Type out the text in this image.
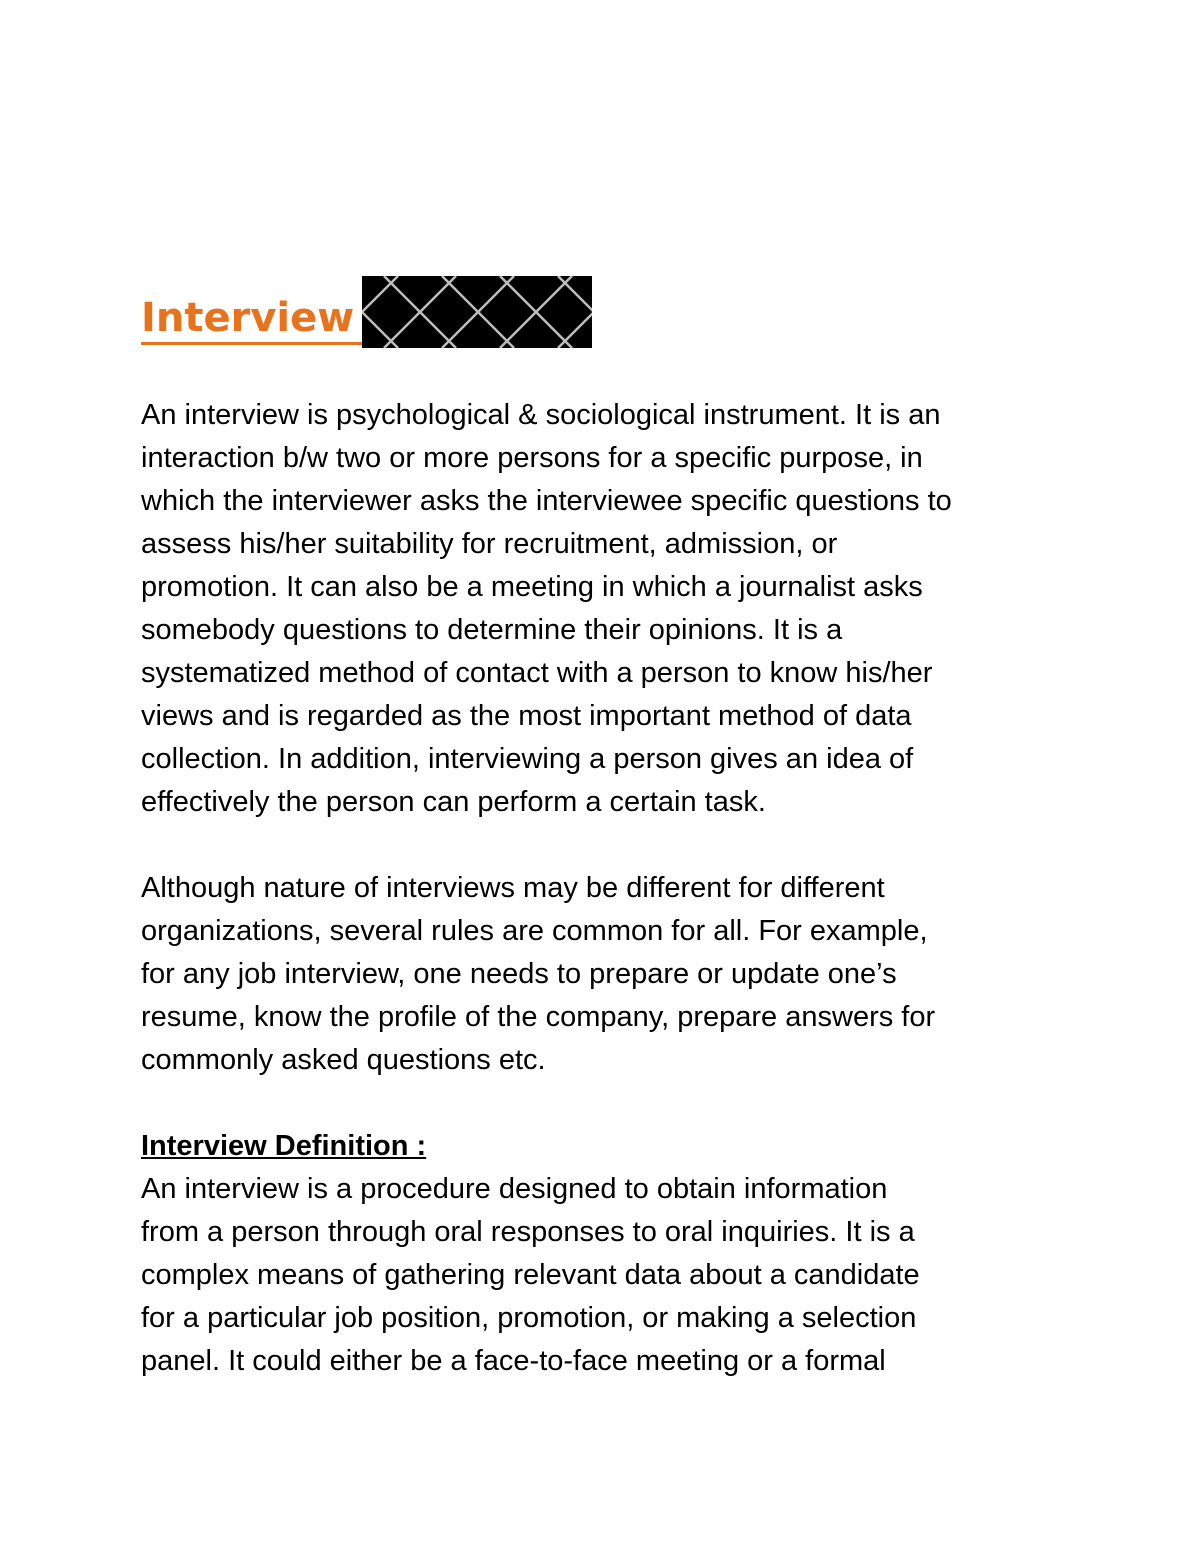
Interview
An interview is psychological & sociological instrument. It is an
interaction b/w two or more persons for a specific purpose, in
which the interviewer asks the interviewee specific questions to
assess his/her suitability for recruitment, admission, or
promotion. It can also be a meeting in which a journalist asks
somebody questions to determine their opinions. It is a
systematized method of contact with a person to know his/her
views and is regarded as the most important method of data
collection. In addition, interviewing a person gives an idea of
effectively the person can perform a certain task.
Although nature of interviews may be different for different
organizations, several rules are common for all. For example,
for any job interview, one needs to prepare or update one’s
resume, know the profile of the company, prepare answers for
commonly asked questions etc.
Interview Definition :
An interview is a procedure designed to obtain information
from a person through oral responses to oral inquiries. It is a
complex means of gathering relevant data about a candidate
for a particular job position, promotion, or making a selection
panel. It could either be a face-to-face meeting or a formal
